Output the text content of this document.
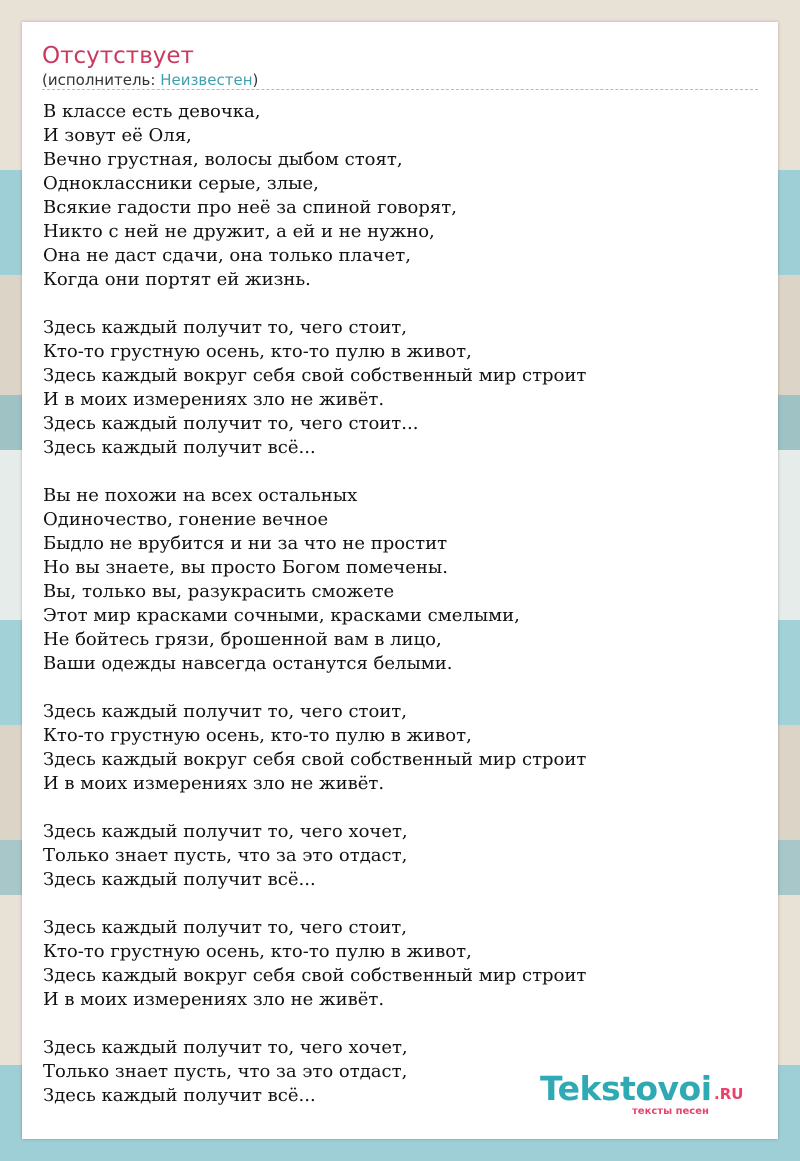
Отсутствует
(исполнитель: Неизвестен)
В классе есть девочка,
И зовут её Оля,
Вечно грустная, волосы дыбом стоят,
Одноклассники серые, злые,
Всякие гадости про неё за спиной говорят,
Никто с ней не дружит, а ей и не нужно,
Она не даст сдачи, она только плачет,
Когда они портят ей жизнь.
Здесь каждый получит то, чего стоит,
Кто-то грустную осень, кто-то пулю в живот,
Здесь каждый вокруг себя свой собственный мир строит
И в моих измерениях зло не живёт.
Здесь каждый получит то, чего стоит...
Здесь каждый получит всё...
Вы не похожи на всех остальных
Одиночество, гонение вечное
Быдло не врубится и ни за что не простит
Но вы знаете, вы просто Богом помечены.
Вы, только вы, разукрасить сможете
Этот мир красками сочными, красками смелыми,
Не бойтесь грязи, брошенной вам в лицо,
Ваши одежды навсегда останутся белыми.
Здесь каждый получит то, чего стоит,
Кто-то грустную осень, кто-то пулю в живот,
Здесь каждый вокруг себя свой собственный мир строит
И в моих измерениях зло не живёт.
Здесь каждый получит то, чего хочет,
Только знает пусть, что за это отдаст,
Здесь каждый получит всё...
Здесь каждый получит то, чего стоит,
Кто-то грустную осень, кто-то пулю в живот,
Здесь каждый вокруг себя свой собственный мир строит
И в моих измерениях зло не живёт.
Здесь каждый получит то, чего хочет,
Только знает пусть, что за это отдаст,
Здесь каждый получит всё...	Tekstovoi .RU
тексты песен
